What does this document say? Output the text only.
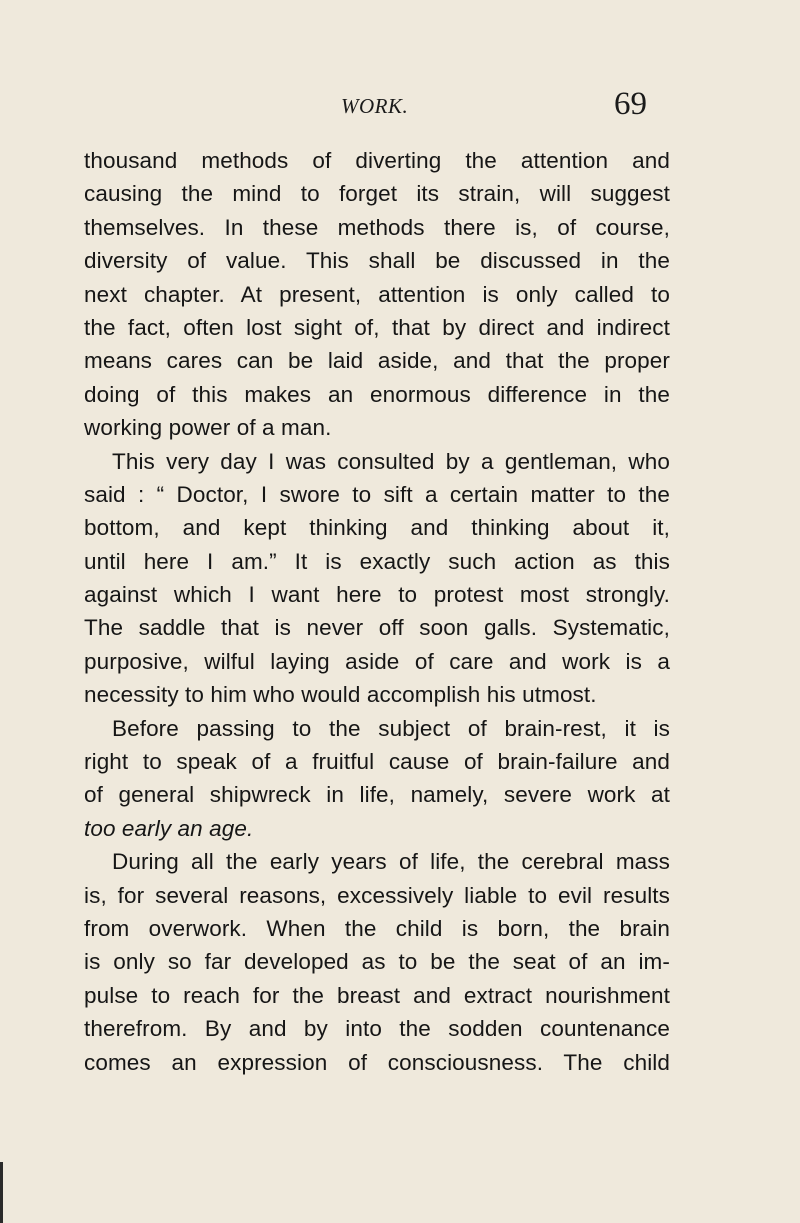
WORK.	69
thousand methods of diverting the attention and
causing the mind to forget its strain, will suggest
themselves. In these methods there is, of course,
diversity of value. This shall be discussed in the
next chapter. At present, attention is only called to
the fact, often lost sight of, that by direct and indirect
means cares can be laid aside, and that the proper
doing of this makes an enormous difference in the
working power of a man.
This very day I was consulted by a gentleman, who
said : “ Doctor, I swore to sift a certain matter to the
bottom, and kept thinking and thinking about it,
until here I am.” It is exactly such action as this
against which I want here to protest most strongly.
The saddle that is never off soon galls. Systematic,
purposive, wilful laying aside of care and work is a
necessity to him who would accomplish his utmost.
Before passing to the subject of brain-rest, it is
right to speak of a fruitful cause of brain-failure and
of general shipwreck in life, namely, severe work at
too early an age.
During all the early years of life, the cerebral mass
is, for several reasons, excessively liable to evil results
from overwork. When the child is born, the brain
is only so far developed as to be the seat of an im-
pulse to reach for the breast and extract nourishment
therefrom. By and by into the sodden countenance
comes an expression of consciousness. The child
